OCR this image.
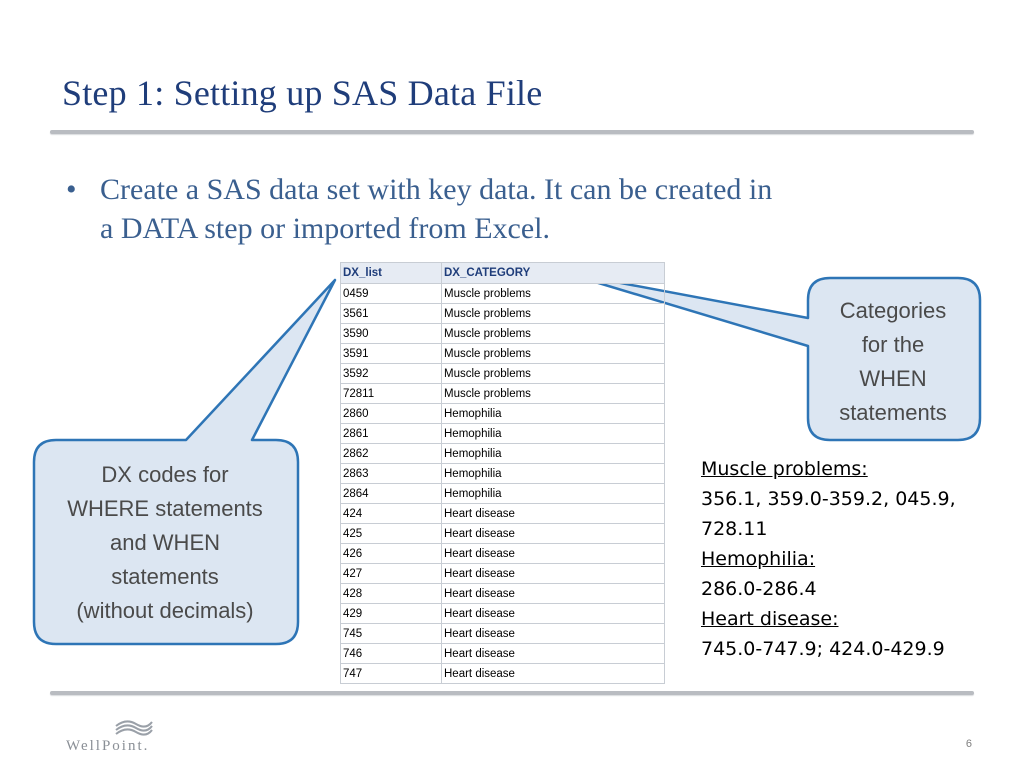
Step 1: Setting up SAS Data File
• Create a SAS data set with key data. It can be created in
a DATA step or imported from Excel.
DX_list	DX_CATEGORY
0459	Muscle problems
3561	Muscle problems
3590	Muscle problems
3591	Muscle problems
3592	Muscle problems
72811	Muscle problems
2860	Hemophilia
2861	Hemophilia
2862	Hemophilia
2863	Hemophilia
2864	Hemophilia
424	Heart disease
425	Heart disease
426	Heart disease
427	Heart disease
428	Heart disease
429	Heart disease
745	Heart disease
746	Heart disease
747	Heart disease
Categories
for the
WHEN
statements
DX codes for
WHERE statements
and WHEN
statements
(without decimals)
Muscle problems:
356.1, 359.0-359.2, 045.9,
728.11
Hemophilia:
286.0-286.4
Heart disease:
745.0-747.9; 424.0-429.9
WellPoint.	6
